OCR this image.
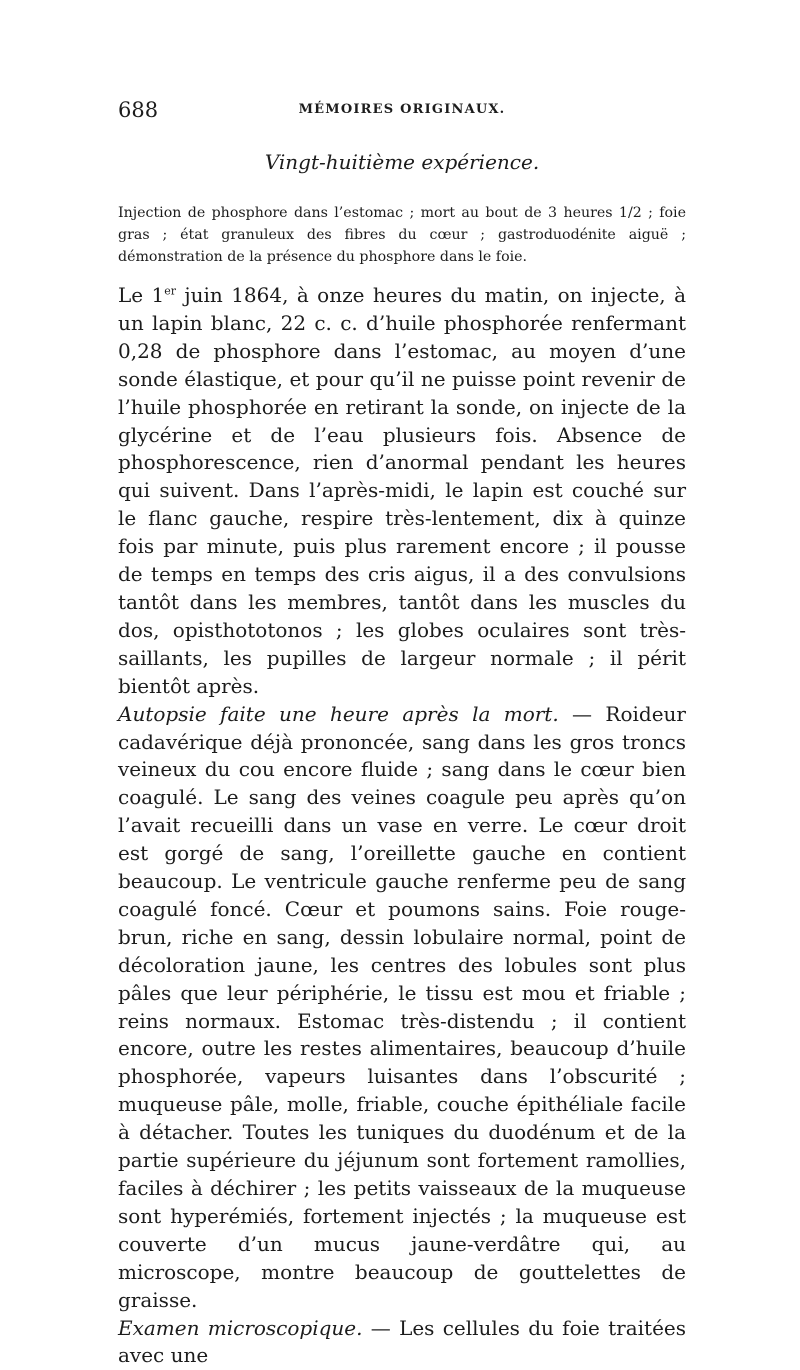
688	MÉMOIRES ORIGINAUX.
Vingt-huitième expérience.

Injection de phosphore dans l’estomac ; mort au bout de 3 heures 1/2 ; foie gras ; état granuleux des fibres du cœur ; gastroduodénite aiguë ; démonstration de la présence du phosphore dans le foie.

Le 1er juin 1864, à onze heures du matin, on injecte, à un lapin blanc, 22 c. c. d’huile phosphorée renfermant 0,28 de phosphore dans l’estomac, au moyen d’une sonde élastique, et pour qu’il ne puisse point revenir de l’huile phosphorée en retirant la sonde, on injecte de la glycérine et de l’eau plusieurs fois. Absence de phosphorescence, rien d’anormal pendant les heures qui suivent. Dans l’après-midi, le lapin est couché sur le flanc gauche, respire très-lentement, dix à quinze fois par minute, puis plus rarement encore ; il pousse de temps en temps des cris aigus, il a des convulsions tantôt dans les membres, tantôt dans les muscles du dos, opisthototonos ; les globes oculaires sont très-saillants, les pupilles de largeur normale ; il périt bientôt après.

Autopsie faite une heure après la mort. — Roideur cadavérique déjà prononcée, sang dans les gros troncs veineux du cou encore fluide ; sang dans le cœur bien coagulé. Le sang des veines coagule peu après qu’on l’avait recueilli dans un vase en verre. Le cœur droit est gorgé de sang, l’oreillette gauche en contient beaucoup. Le ventricule gauche renferme peu de sang coagulé foncé. Cœur et poumons sains. Foie rouge-brun, riche en sang, dessin lobulaire normal, point de décoloration jaune, les centres des lobules sont plus pâles que leur périphérie, le tissu est mou et friable ; reins normaux. Estomac très-distendu ; il contient encore, outre les restes alimentaires, beaucoup d’huile phosphorée, vapeurs luisantes dans l’obscurité ; muqueuse pâle, molle, friable, couche épithéliale facile à détacher. Toutes les tuniques du duodénum et de la partie supérieure du jéjunum sont fortement ramollies, faciles à déchirer ; les petits vaisseaux de la muqueuse sont hyperémiés, fortement injectés ; la muqueuse est couverte d’un mucus jaune-verdâtre qui, au microscope, montre beaucoup de gouttelettes de graisse.

Examen microscopique. — Les cellules du foie traitées avec une
